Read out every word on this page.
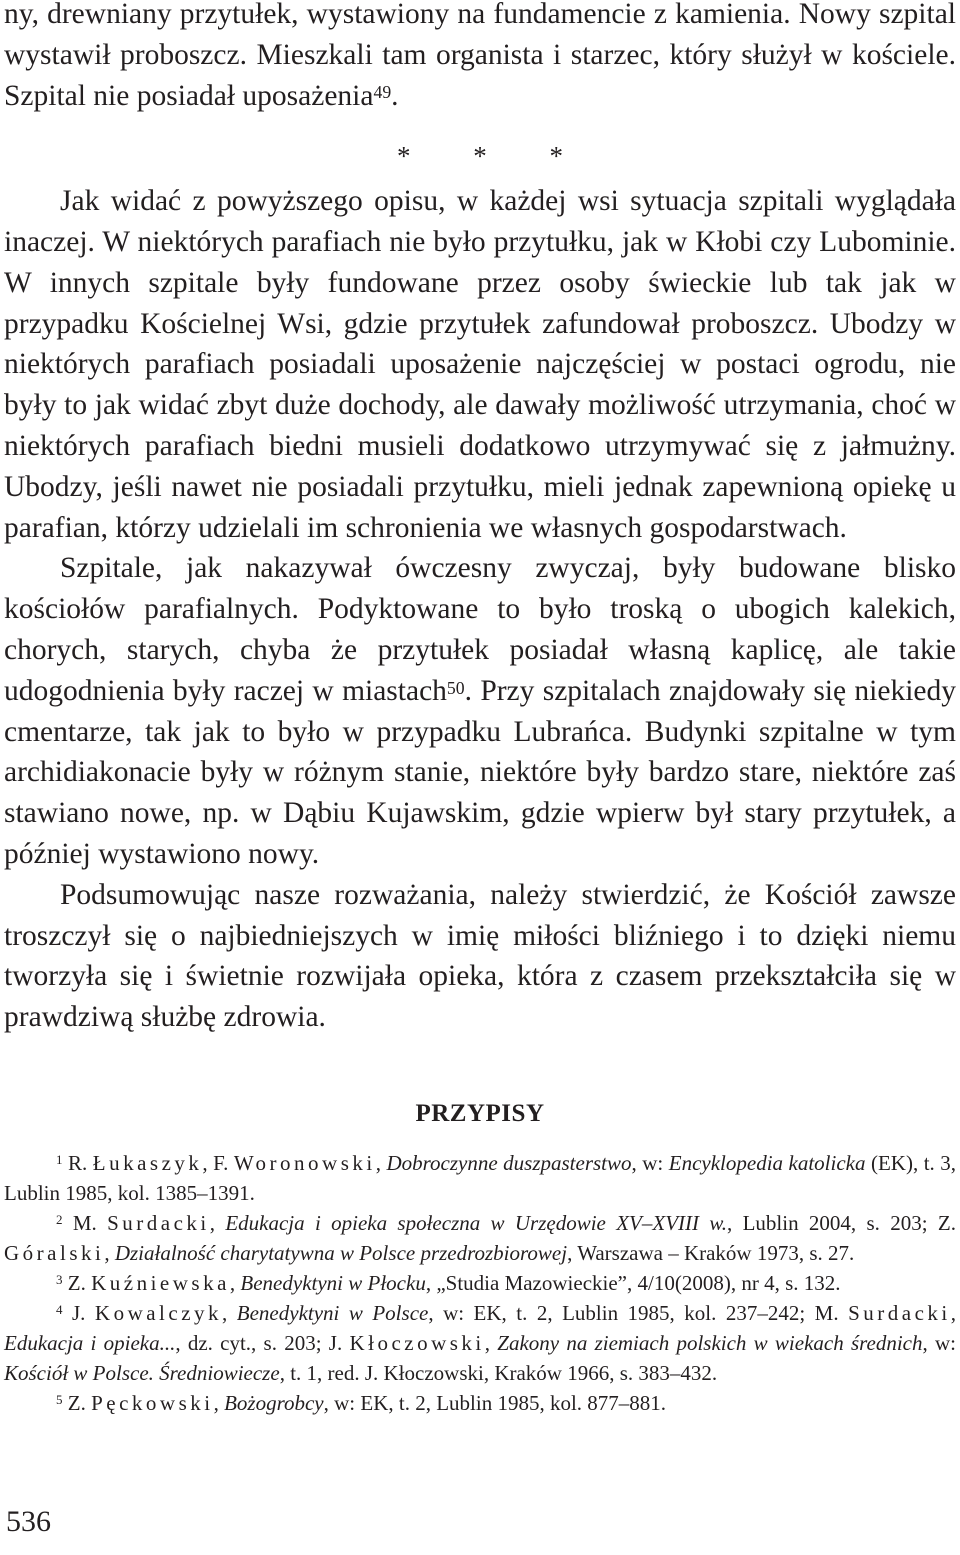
ny, drewniany przytułek, wystawiony na fundamencie z kamienia. Nowy szpital wystawił proboszcz. Mieszkali tam organista i starzec, który służył w kościele. Szpital nie posiadał uposażenia$^{49}$.

* * *

Jak widać z powyższego opisu, w każdej wsi sytuacja szpitali wyglądała inaczej. W niektórych parafiach nie było przytułku, jak w Kłobi czy Lubominie. W innych szpitale były fundowane przez osoby świeckie lub tak jak w przypadku Kościelnej Wsi, gdzie przytułek zafundował proboszcz. Ubodzy w niektórych parafiach posiadali uposażenie najczęściej w postaci ogrodu, nie były to jak widać zbyt duże dochody, ale dawały możliwość utrzymania, choć w niektórych parafiach biedni musieli dodatkowo utrzymywać się z jałmużny. Ubodzy, jeśli nawet nie posiadali przytułku, mieli jednak zapewnioną opiekę u parafian, którzy udzielali im schronienia we własnych gospodarstwach.

Szpitale, jak nakazywał ówczesny zwyczaj, były budowane blisko kościołów parafialnych. Podyktowane to było troską o ubogich kalekich, chorych, starych, chyba że przytułek posiadał własną kaplicę, ale takie udogodnienia były raczej w miastach$^{50}$. Przy szpitalach znajdowały się niekiedy cmentarze, tak jak to było w przypadku Lubrańca. Budynki szpitalne w tym archidiakonacie były w różnym stanie, niektóre były bardzo stare, niektóre zaś stawiano nowe, np. w Dąbiu Kujawskim, gdzie wpierw był stary przytułek, a później wystawiono nowy.

Podsumowując nasze rozważania, należy stwierdzić, że Kościół zawsze troszczył się o najbiedniejszych w imię miłości bliźniego i to dzięki niemu tworzyła się i świetnie rozwijała opieka, która z czasem przekształciła się w prawdziwą służbę zdrowia.

PRZYPISY

$^1$ R. Łukaszyk, F. Woronowski, Dobroczynne duszpasterstwo, w: Encyklopedia katolicka (EK), t. 3, Lublin 1985, kol. 1385–1391.

$^2$ M. Surdacki, Edukacja i opieka społeczna w Urzędowie XV–XVIII w., Lublin 2004, s. 203; Z. Góralski, Działalność charytatywna w Polsce przedrozbiorowej, Warszawa – Kraków 1973, s. 27.

$^3$ Z. Kuźniewska, Benedyktyni w Płocku, „Studia Mazowieckie”, 4/10(2008), nr 4, s. 132.

$^4$ J. Kowalczyk, Benedyktyni w Polsce, w: EK, t. 2, Lublin 1985, kol. 237–242; M. Surdacki, Edukacja i opieka..., dz. cyt., s. 203; J. Kłoczowski, Zakony na ziemiach polskich w wiekach średnich, w: Kościół w Polsce. Średniowiecze, t. 1, red. J. Kłoczowski, Kraków 1966, s. 383–432.

$^5$ Z. Pęckowski, Bożogrobcy, w: EK, t. 2, Lublin 1985, kol. 877–881.

536
